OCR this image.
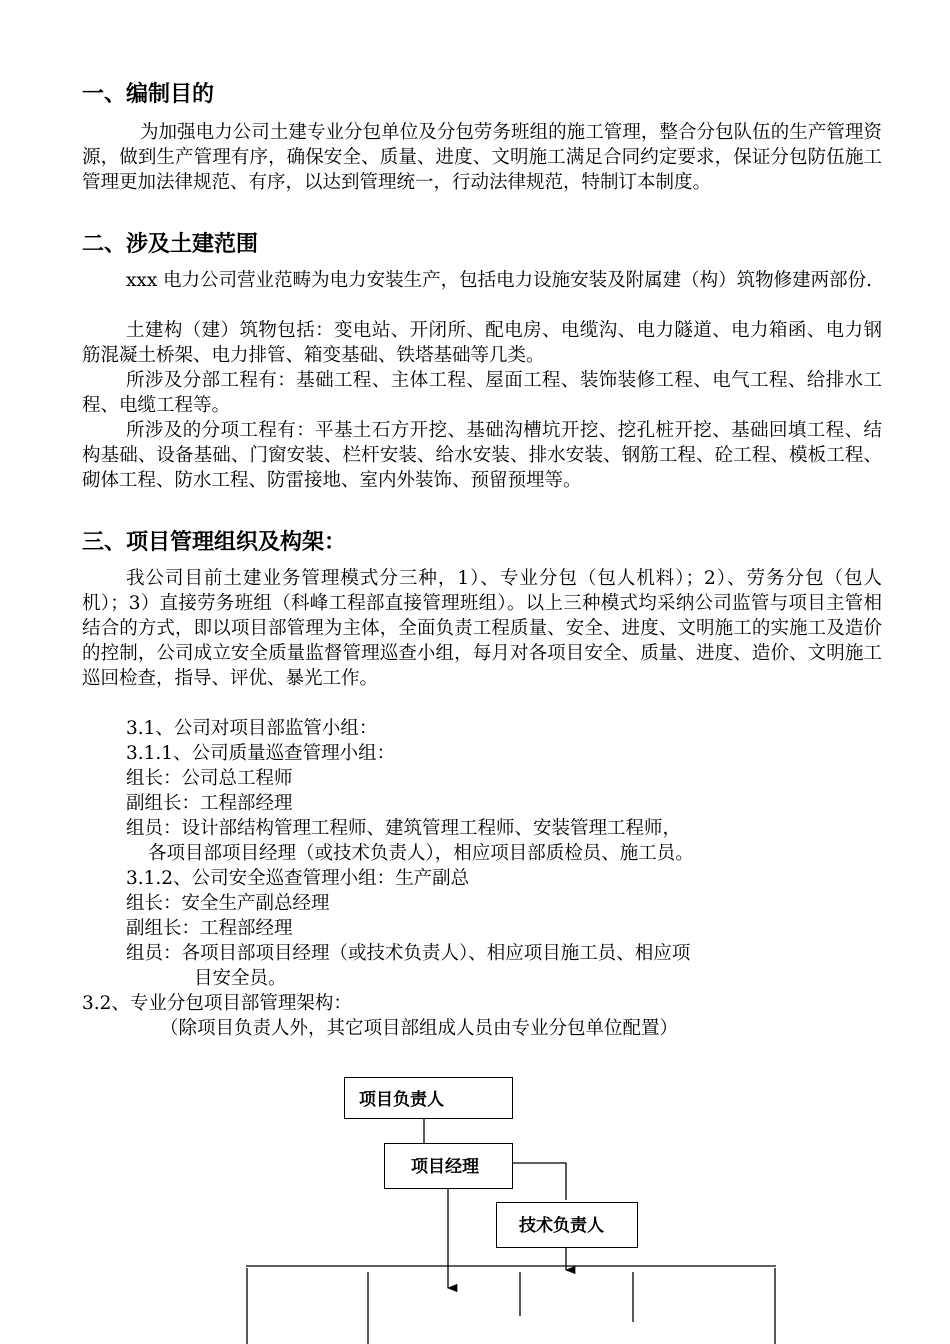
一、编制目的

为加强电力公司土建专业分包单位及分包劳务班组的施工管理，整合分包队伍的生产管理资源，做到生产管理有序，确保安全、质量、进度、文明施工满足合同约定要求，保证分包防伍施工管理更加法律规范、有序，以达到管理统一，行动法律规范，特制订本制度。

二、涉及土建范围

xxx 电力公司营业范畴为电力安装生产，包括电力设施安装及附属建（构）筑物修建两部份.

土建构（建）筑物包括：变电站、开闭所、配电房、电缆沟、电力隧道、电力箱函、电力钢筋混凝土桥架、电力排管、箱变基础、铁塔基础等几类。

所涉及分部工程有：基础工程、主体工程、屋面工程、装饰装修工程、电气工程、给排水工程、电缆工程等。

所涉及的分项工程有：平基土石方开挖、基础沟槽坑开挖、挖孔桩开挖、基础回填工程、结构基础、设备基础、门窗安装、栏杆安装、给水安装、排水安装、钢筋工程、砼工程、模板工程、砌体工程、防水工程、防雷接地、室内外装饰、预留预埋等。

三、项目管理组织及构架：

我公司目前土建业务管理模式分三种，1）、专业分包（包人机料）；2）、劳务分包（包人机）；3）直接劳务班组（科峰工程部直接管理班组）。以上三种模式均采纳公司监管与项目主管相结合的方式，即以项目部管理为主体，全面负责工程质量、安全、进度、文明施工的实施工及造价的控制，公司成立安全质量监督管理巡查小组，每月对各项目安全、质量、进度、造价、文明施工巡回检查，指导、评优、暴光工作。

3.1、公司对项目部监管小组：
3.1.1、公司质量巡查管理小组：
组长：公司总工程师
副组长：工程部经理
组员：设计部结构管理工程师、建筑管理工程师、安装管理工程师，
各项目部项目经理（或技术负责人），相应项目部质检员、施工员。
3.1.2、公司安全巡查管理小组：生产副总
组长：安全生产副总经理
副组长：工程部经理
组员：各项目部项目经理（或技术负责人）、相应项目施工员、相应项
目安全员。
3.2、专业分包项目部管理架构：
（除项目负责人外，其它项目部组成人员由专业分包单位配置）
项目负责人
项目经理
技术负责人
